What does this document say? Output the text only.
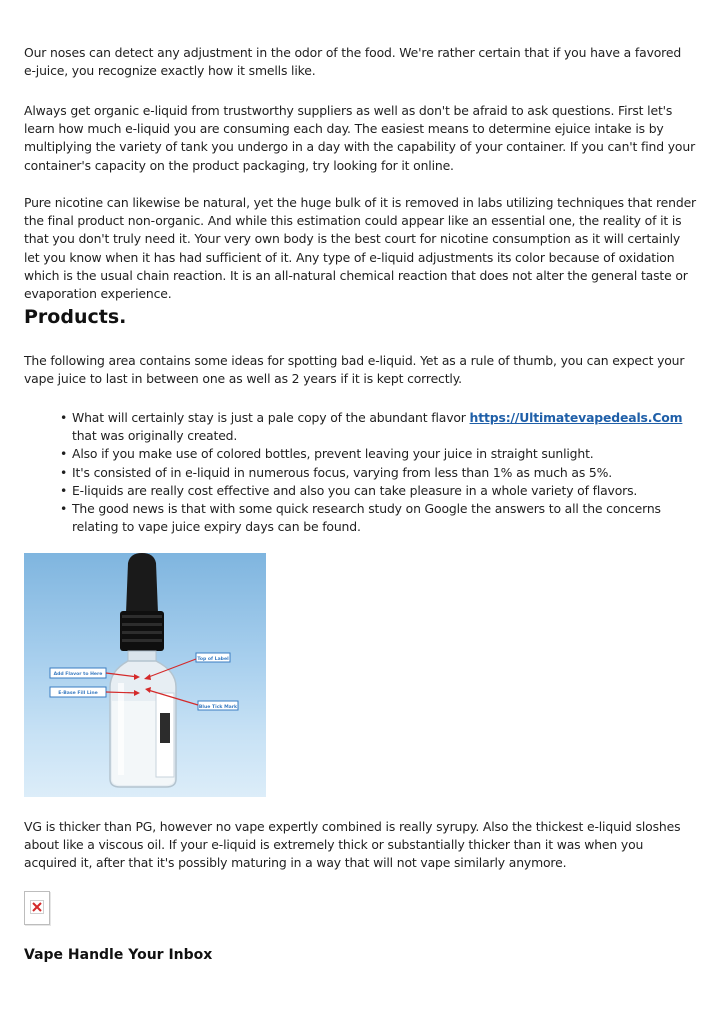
Our noses can detect any adjustment in the odor of the food. We're rather certain that if you have a favored e-juice, you recognize exactly how it smells like.

Always get organic e-liquid from trustworthy suppliers as well as don't be afraid to ask questions. First let's learn how much e-liquid you are consuming each day. The easiest means to determine ejuice intake is by multiplying the variety of tank you undergo in a day with the capability of your container. If you can't find your container's capacity on the product packaging, try looking for it online.

Pure nicotine can likewise be natural, yet the huge bulk of it is removed in labs utilizing techniques that render the final product non-organic. And while this estimation could appear like an essential one, the reality of it is that you don't truly need it. Your very own body is the best court for nicotine consumption as it will certainly let you know when it has had sufficient of it. Any type of e-liquid adjustments its color because of oxidation which is the usual chain reaction. It is an all-natural chemical reaction that does not alter the general taste or evaporation experience.

Products.

The following area contains some ideas for spotting bad e-liquid. Yet as a rule of thumb, you can expect your vape juice to last in between one as well as 2 years if it is kept correctly.

• What will certainly stay is just a pale copy of the abundant flavor https://Ultimatevapedeals.Com that was originally created.
• Also if you make use of colored bottles, prevent leaving your juice in straight sunlight.
• It's consisted of in e-liquid in numerous focus, varying from less than 1% as much as 5%.
• E-liquids are really cost effective and also you can take pleasure in a whole variety of flavors.
• The good news is that with some quick research study on Google the answers to all the concerns relating to vape juice expiry days can be found.
Top of Label
Add Flavor to Here
E-Base Fill Line
Blue Tick Mark

VG is thicker than PG, however no vape expertly combined is really syrupy. Also the thickest e-liquid sloshes about like a viscous oil. If your e-liquid is extremely thick or substantially thicker than it was when you acquired it, after that it's possibly maturing in a way that will not vape similarly anymore.

Vape Handle Your Inbox
